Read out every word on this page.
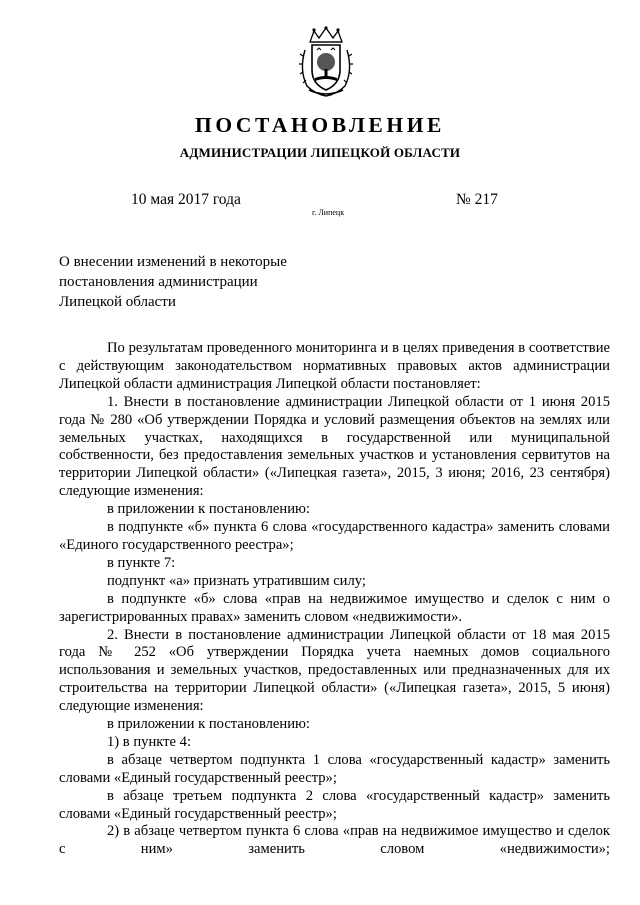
ПОСТАНОВЛЕНИЕ
АДМИНИСТРАЦИИ ЛИПЕЦКОЙ ОБЛАСТИ
10 мая 2017 года
г. Липецк
№ 217
О внесении изменений в некоторые
постановления администрации
Липецкой области

По результатам проведенного мониторинга и в целях приведения в соответствие с действующим законодательством нормативных правовых актов администрации Липецкой области администрация Липецкой области постановляет:

1. Внести в постановление администрации Липецкой области от 1 июня 2015 года № 280 «Об утверждении Порядка и условий размещения объектов на землях или земельных участках, находящихся в государственной или муниципальной собственности, без предоставления земельных участков и установления сервитутов на территории Липецкой области» («Липецкая газета», 2015, 3 июня; 2016, 23 сентября) следующие изменения:

в приложении к постановлению:

в подпункте «б» пункта 6 слова «государственного кадастра» заменить словами «Единого государственного реестра»;

в пункте 7:

подпункт «а» признать утратившим силу;

в подпункте «б» слова «прав на недвижимое имущество и сделок с ним о зарегистрированных правах» заменить словом «недвижимости».

2. Внести в постановление администрации Липецкой области от 18 мая 2015 года № 252 «Об утверждении Порядка учета наемных домов социального использования и земельных участков, предоставленных или предназначенных для их строительства на территории Липецкой области» («Липецкая газета», 2015, 5 июня) следующие изменения:

в приложении к постановлению:

1) в пункте 4:

в абзаце четвертом подпункта 1 слова «государственный кадастр» заменить словами «Единый государственный реестр»;

в абзаце третьем подпункта 2 слова «государственный кадастр» заменить словами «Единый государственный реестр»;

2) в абзаце четвертом пункта 6 слова «прав на недвижимое имущество и сделок с ним» заменить словом «недвижимости»;
